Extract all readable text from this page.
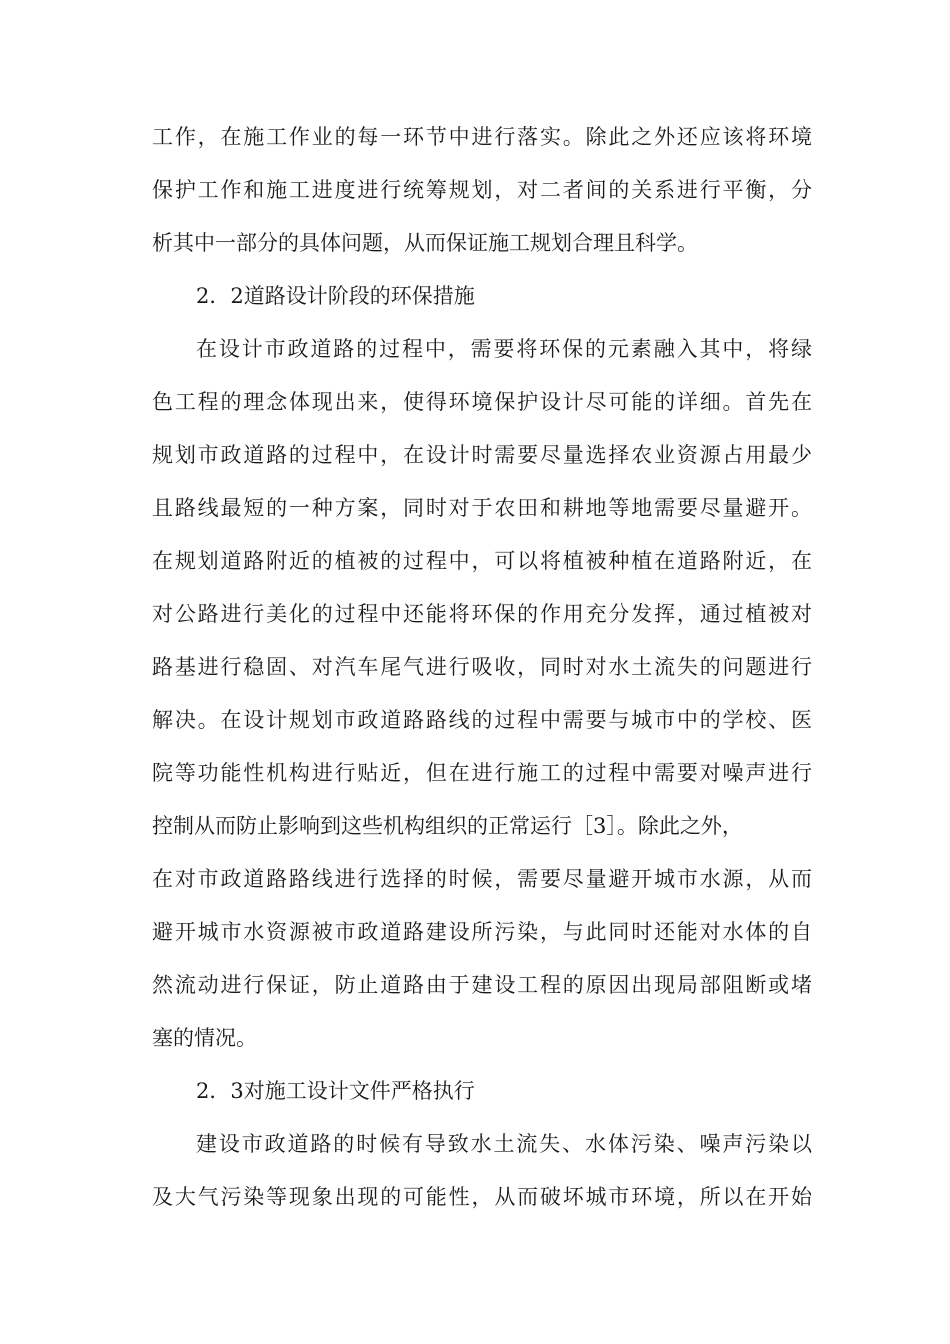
工作，在施工作业的每一环节中进行落实。除此之外还应该将环境
保护工作和施工进度进行统筹规划，对二者间的关系进行平衡，分
析其中一部分的具体问题，从而保证施工规划合理且科学。
2．2道路设计阶段的环保措施
在设计市政道路的过程中，需要将环保的元素融入其中，将绿
色工程的理念体现出来，使得环境保护设计尽可能的详细。首先在
规划市政道路的过程中，在设计时需要尽量选择农业资源占用最少
且路线最短的一种方案，同时对于农田和耕地等地需要尽量避开。
在规划道路附近的植被的过程中，可以将植被种植在道路附近，在
对公路进行美化的过程中还能将环保的作用充分发挥，通过植被对
路基进行稳固、对汽车尾气进行吸收，同时对水土流失的问题进行
解决。在设计规划市政道路路线的过程中需要与城市中的学校、医
院等功能性机构进行贴近，但在进行施工的过程中需要对噪声进行
控制从而防止影响到这些机构组织的正常运行［3］。除此之外，
在对市政道路路线进行选择的时候，需要尽量避开城市水源，从而
避开城市水资源被市政道路建设所污染，与此同时还能对水体的自
然流动进行保证，防止道路由于建设工程的原因出现局部阻断或堵
塞的情况。
2．3对施工设计文件严格执行
建设市政道路的时候有导致水土流失、水体污染、噪声污染以
及大气污染等现象出现的可能性，从而破坏城市环境，所以在开始
